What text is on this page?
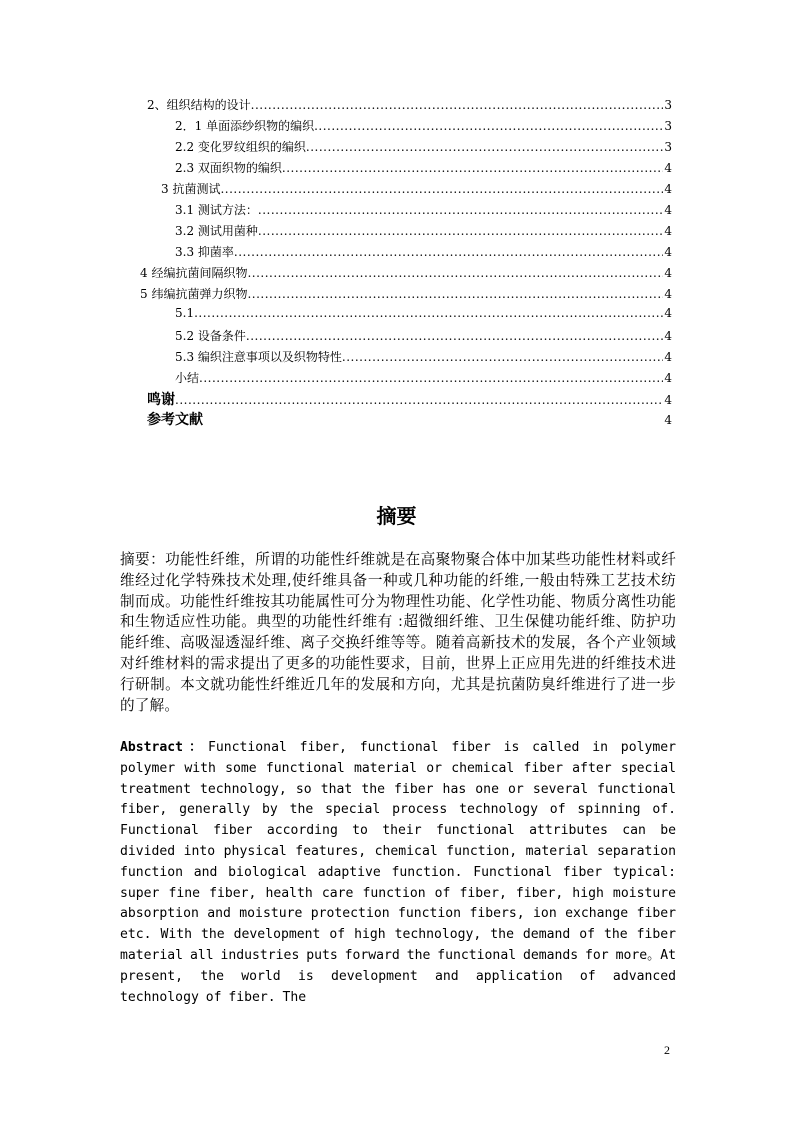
2、组织结构的设计 .....	3
2．1 单面添纱织物的编织 .....	3
2.2 变化罗纹组织的编织 .....	3
2.3 双面织物的编织 .....	4
3 抗菌测试 .....	4
3.1 测试方法： .....	4
3.2 测试用菌种 .....	4
3.3 抑菌率 .....	4
4 经编抗菌间隔织物 .....	4
5 纬编抗菌弹力织物 .....	4
5.1 .....	4
5.2 设备条件 .....	4
5.3 编织注意事项以及织物特性 .....	4
小结 .....	4
鸣谢 .....	4
参考文献	4
摘要

摘要：功能性纤维，所谓的功能性纤维就是在高聚物聚合体中加某些功能性材料或纤维经过化学特殊技术处理,使纤维具备一种或几种功能的纤维,一般由特殊工艺技术纺制而成。功能性纤维按其功能属性可分为物理性功能、化学性功能、物质分离性功能和生物适应性功能。典型的功能性纤维有 :超微细纤维、卫生保健功能纤维、防护功能纤维、高吸湿透湿纤维、离子交换纤维等等。随着高新技术的发展，各个产业领域对纤维材料的需求提出了更多的功能性要求，目前，世界上正应用先进的纤维技术进行研制。本文就功能性纤维近几年的发展和方向，尤其是抗菌防臭纤维进行了进一步的了解。

Abstract：Functional fiber, functional fiber is called in polymer polymer with some functional material or chemical fiber after special treatment technology, so that the fiber has one or several functional fiber, generally by the special process technology of spinning of. Functional fiber according to their functional attributes can be divided into physical features, chemical function, material separation function and biological adaptive function. Functional fiber typical: super fine fiber, health care function of fiber, fiber, high moisture absorption and moisture protection function fibers, ion exchange fiber etc. With the development of high technology, the demand of the fiber material all industries puts forward the functional demands for more。At present, the world is development and application of advanced technology of fiber. The

2
